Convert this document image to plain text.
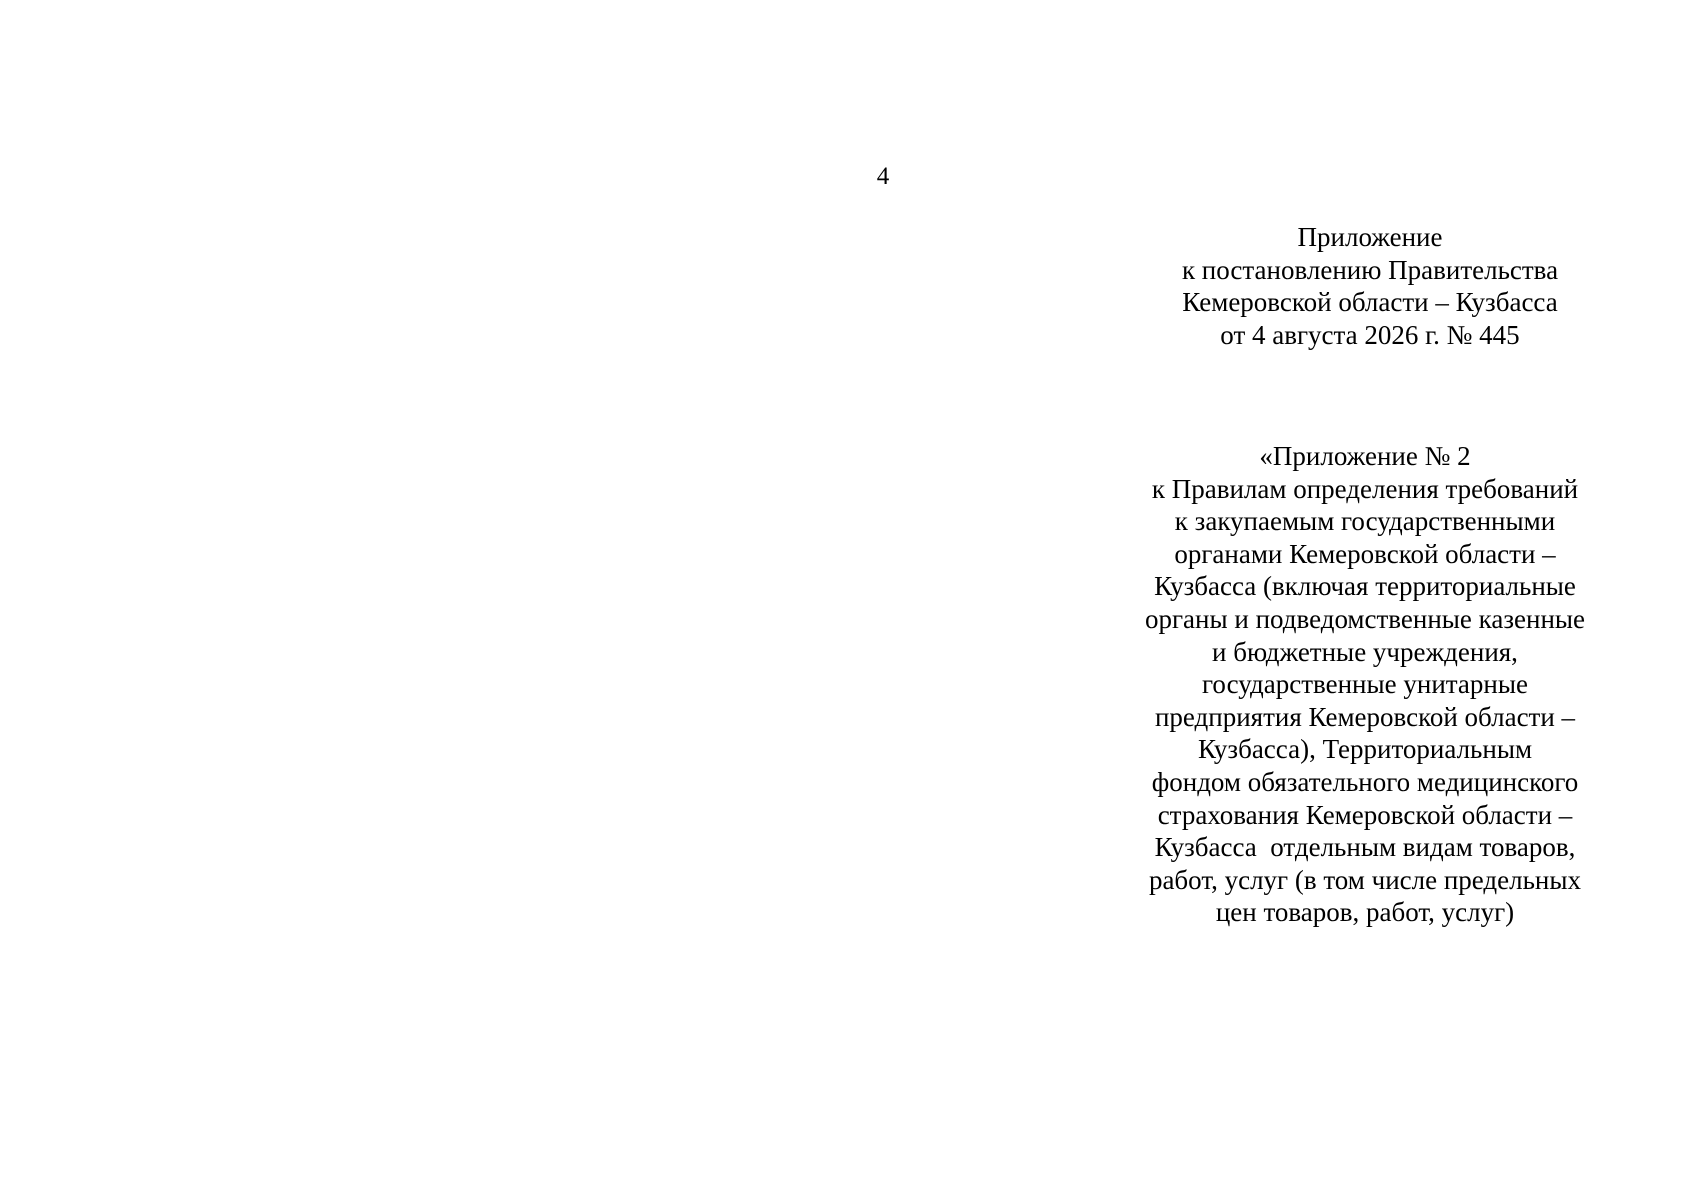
4
Приложение
к постановлению Правительства
Кемеровской области – Кузбасса
от 4 августа 2026 г. № 445
«Приложение № 2
к Правилам определения требований
к закупаемым государственными
органами Кемеровской области –
Кузбасса (включая территориальные
органы и подведомственные казенные
и бюджетные учреждения,
государственные унитарные
предприятия Кемеровской области –
Кузбасса), Территориальным
фондом обязательного медицинского
страхования Кемеровской области –
Кузбасса  отдельным видам товаров,
работ, услуг (в том числе предельных
цен товаров, работ, услуг)
